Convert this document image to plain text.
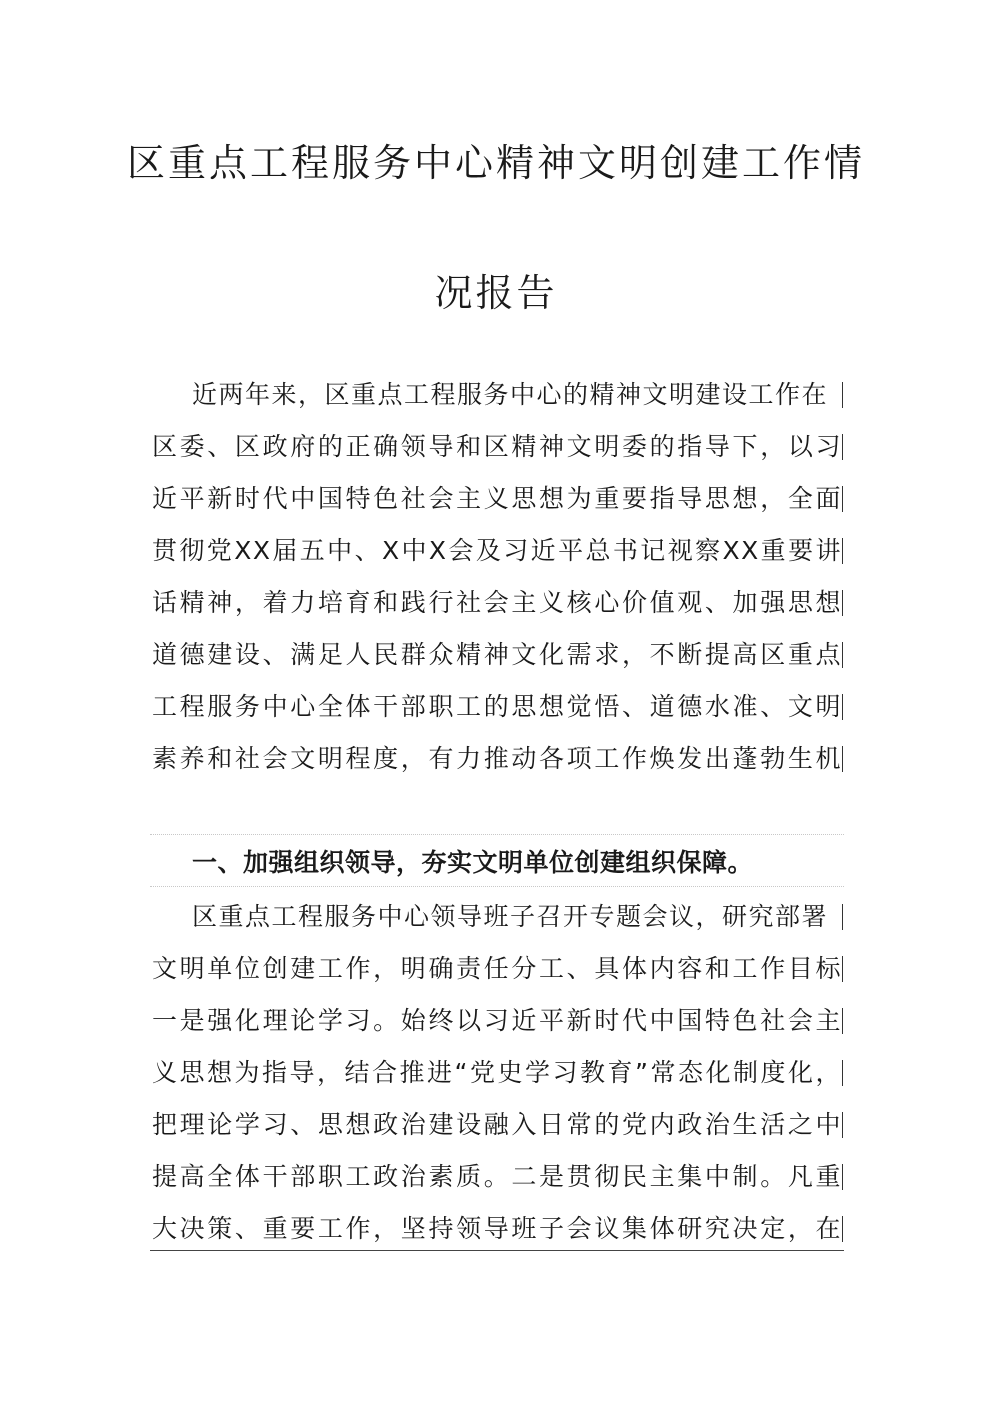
区重点工程服务中心精神文明创建工作情
况报告
近两年来，区重点工程服务中心的精神文明建设工作在
区委、区政府的正确领导和区精神文明委的指导下，以习
近平新时代中国特色社会主义思想为重要指导思想，全面
贯彻党XX届五中、X中X会及习近平总书记视察XX重要讲
话精神，着力培育和践行社会主义核心价值观、加强思想
道德建设、满足人民群众精神文化需求，不断提高区重点
工程服务中心全体干部职工的思想觉悟、道德水准、文明
素养和社会文明程度，有力推动各项工作焕发出蓬勃生机
一、加强组织领导，夯实文明单位创建组织保障。
区重点工程服务中心领导班子召开专题会议，研究部署
文明单位创建工作，明确责任分工、具体内容和工作目标
一是强化理论学习。始终以习近平新时代中国特色社会主
义思想为指导，结合推进“党史学习教育”常态化制度化，
把理论学习、思想政治建设融入日常的党内政治生活之中
提高全体干部职工政治素质。二是贯彻民主集中制。凡重
大决策、重要工作，坚持领导班子会议集体研究决定，在
